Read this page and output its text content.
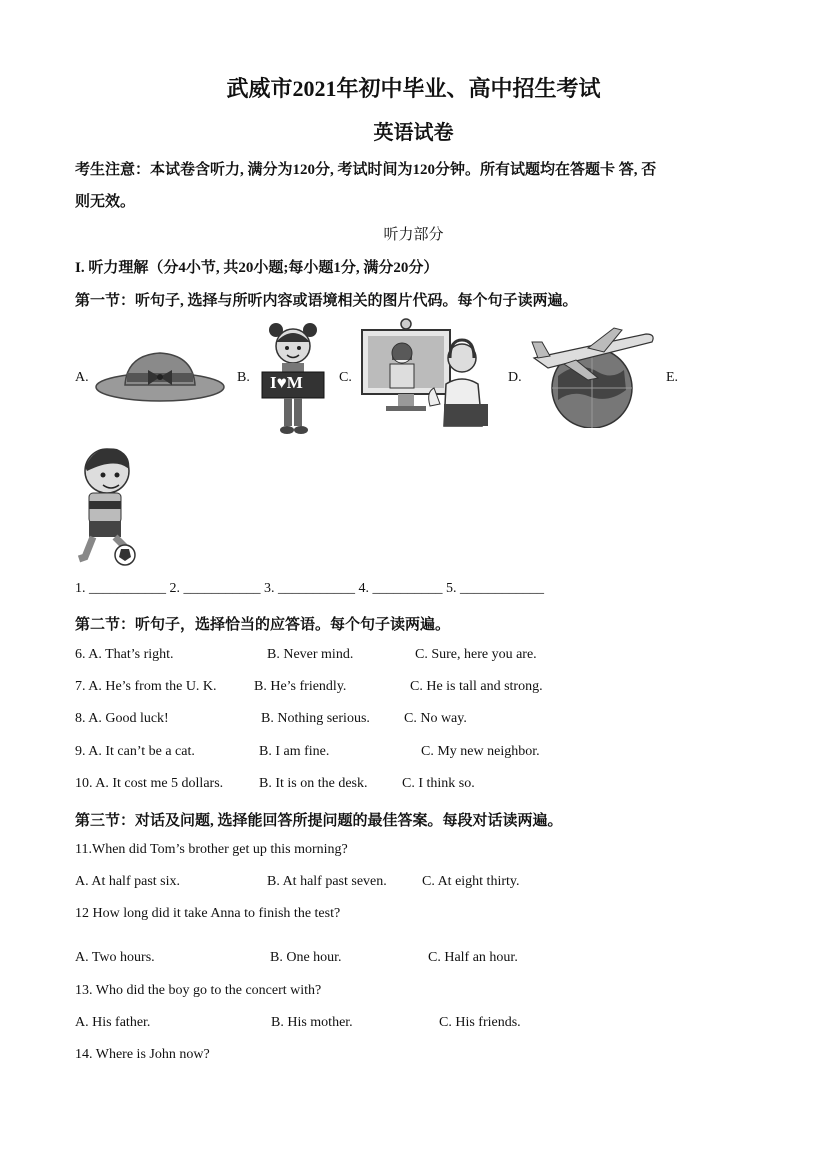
武威市2021年初中毕业、高中招生考试
英语试卷
考生注意：本试卷含听力, 满分为120分, 考试时间为120分钟。所有试题均在答题卡 答, 否
则无效。
听力部分
I. 听力理解（分4小节, 共20小题;每小题1分, 满分20分）
第一节：听句子, 选择与所听内容或语境相关的图片代码。每个句子读两遍。
A.	B.	C.	D.	E.
I♥M
1. ___________ 2. ___________ 3. ___________ 4. __________ 5. ____________
第二节：听句子，选择恰当的应答语。每个句子读两遍。
6. A. That’s right.	B. Never mind.	C. Sure, here you are.
7. A. He’s from the U. K.	B. He’s friendly.	C. He is tall and strong.
8. A. Good luck!	B. Nothing serious. C. No way.
9. A. It can’t be a cat.	B. I am fine.	C. My new neighbor.
10. A. It cost me 5 dollars.	B. It is on the desk. C. I think so.
第三节：对话及问题, 选择能回答所提问题的最佳答案。每段对话读两遍。
11.When did Tom’s brother get up this morning?
A. At half past six.	B. At half past seven.	C. At eight thirty.
12 How long did it take Anna to finish the test?
A. Two hours.	B. One hour.	C. Half an hour.
13. Who did the boy go to the concert with?
A. His father.	B. His mother.	C. His friends.
14. Where is John now?
